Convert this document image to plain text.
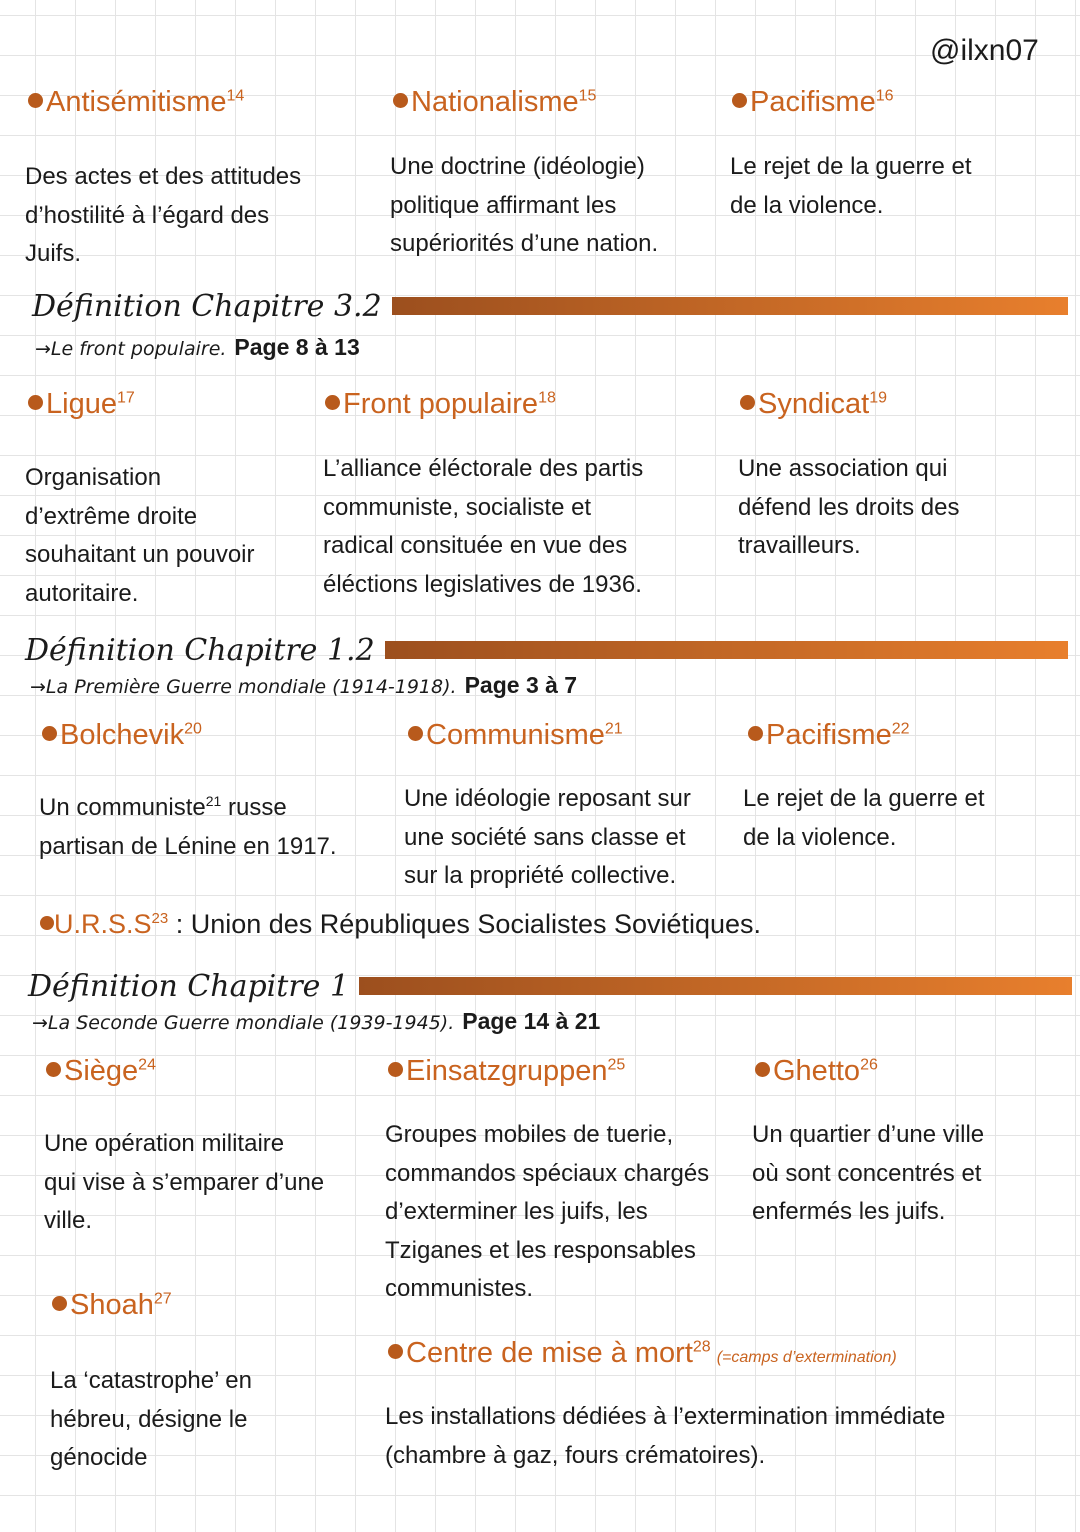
@ilxn07
Antisémitisme$^{14}$
Des actes et des attitudes
d’hostilité à l’égard des
Juifs.
Nationalisme$^{15}$
Une doctrine (idéologie)
politique affirmant les
supériorités d’une nation.
Pacifisme$^{16}$
Le rejet de la guerre et
de la violence.
Définition Chapitre 3.2
→Le front populaire. Page 8 à 13
Ligue$^{17}$
Organisation
d’extrême droite
souhaitant un pouvoir
autoritaire.
Front populaire$^{18}$
L’alliance éléctorale des partis
communiste, socialiste et
radical consituée en vue des
éléctions legislatives de 1936.
Syndicat$^{19}$
Une association qui
défend les droits des
travailleurs.
Définition Chapitre 1.2
→La Première Guerre mondiale (1914-1918). Page 3 à 7
Bolchevik$^{20}$
Un communiste$^{21}$ russe
partisan de Lénine en 1917.
Communisme$^{21}$
Une idéologie reposant sur
une société sans classe et
sur la propriété collective.
Pacifisme$^{22}$
Le rejet de la guerre et
de la violence.
$U.R.S.S^{23}$ : Union des Républiques Socialistes Soviétiques.
Définition Chapitre 1
→La Seconde Guerre mondiale (1939-1945). Page 14 à 21
Siège$^{24}$
Une opération militaire
qui vise à s’emparer d’une
ville.
Einsatzgruppen$^{25}$
Groupes mobiles de tuerie,
commandos spéciaux chargés
d’exterminer les juifs, les
Tziganes et les responsables
communistes.
Ghetto$^{26}$
Un quartier d’une ville
où sont concentrés et
enfermés les juifs.
Shoah$^{27}$
La ‘catastrophe’ en
hébreu, désigne le
génocide
Centre de mise à mort$^{28}$(=camps d’extermination)
Les installations dédiées à l’extermination immédiate
(chambre à gaz, fours crématoires).
